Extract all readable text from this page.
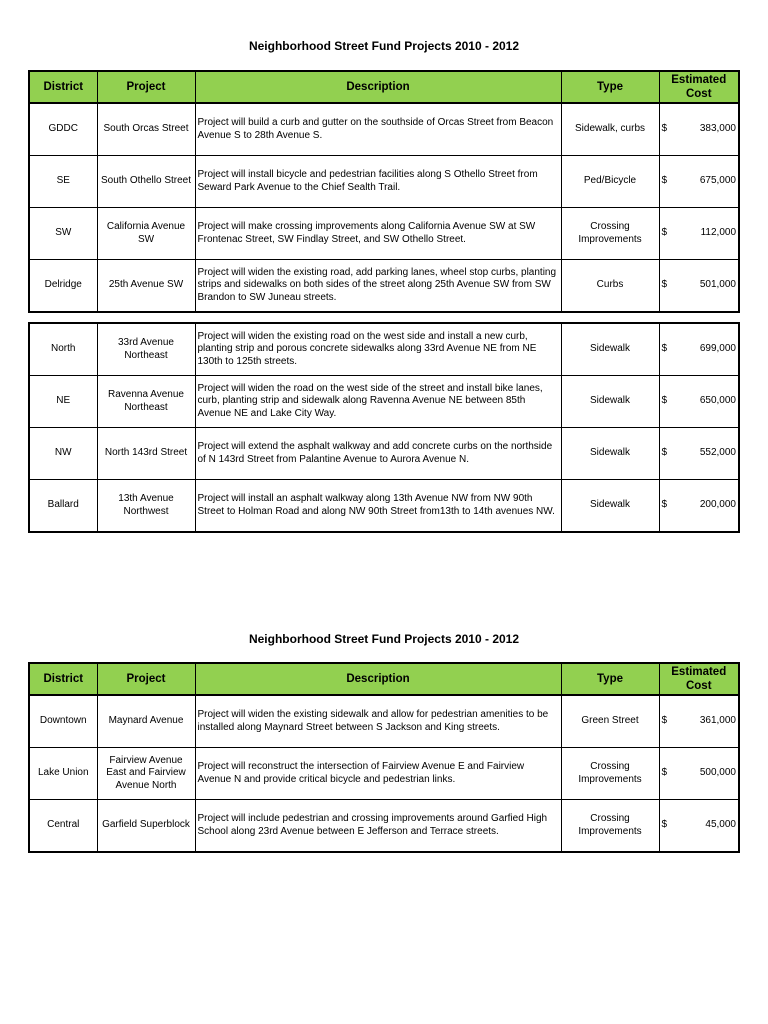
Neighborhood Street Fund Projects 2010 - 2012
District	Project	Description	Type	Estimated Cost
GDDC	South Orcas Street	Project will build a curb and gutter on the southside of Orcas Street from Beacon Avenue S to 28th Avenue S.	Sidewalk, curbs	$ 383,000

SE	South Othello Street	Project will install bicycle and pedestrian facilities along S Othello Street from Seward Park Avenue to the Chief Sealth Trail.	Ped/Bicycle	$ 675,000

SW	California Avenue SW	Project will make crossing improvements along California Avenue SW at SW Frontenac Street, SW Findlay Street, and SW Othello Street.	Crossing Improvements	$ 112,000

Delridge	25th Avenue SW	Project will widen the existing road, add parking lanes, wheel stop curbs, planting strips and sidewalks on both sides of the street along 25th Avenue SW from SW Brandon to SW Juneau streets.	Curbs	$ 501,000
North	33rd Avenue Northeast	Project will widen the existing road on the west side and install a new curb, planting strip and porous concrete sidewalks along 33rd Avenue NE from NE 130th to 125th streets.	Sidewalk	$ 699,000

NE	Ravenna Avenue Northeast	Project will widen the road on the west side of the street and install bike lanes, curb, planting strip and sidewalk along Ravenna Avenue NE between 85th Avenue NE and Lake City Way.	Sidewalk	$ 650,000

NW	North 143rd Street	Project will extend the asphalt walkway and add concrete curbs on the northside of N 143rd Street from Palantine Avenue to Aurora Avenue N.	Sidewalk	$ 552,000

Ballard	13th Avenue Northwest	Project will install an asphalt walkway along 13th Avenue NW from NW 90th Street to Holman Road and along NW 90th Street from13th to 14th avenues NW.	Sidewalk	$ 200,000
Neighborhood Street Fund Projects 2010 - 2012
District	Project	Description	Type	Estimated Cost
Downtown	Maynard Avenue	Project will widen the existing sidewalk and allow for pedestrian amenities to be installed along Maynard Street between S Jackson and King streets.	Green Street	$ 361,000

Lake Union	Fairview Avenue East and Fairview Avenue North	Project will reconstruct the intersection of Fairview Avenue E and Fairview Avenue N and provide critical bicycle and pedestrian links.	Crossing Improvements	$ 500,000

Central	Garfield Superblock	Project will include pedestrian and crossing improvements around Garfied High School along 23rd Avenue between E Jefferson and Terrace streets.	Crossing Improvements	$ 45,000
